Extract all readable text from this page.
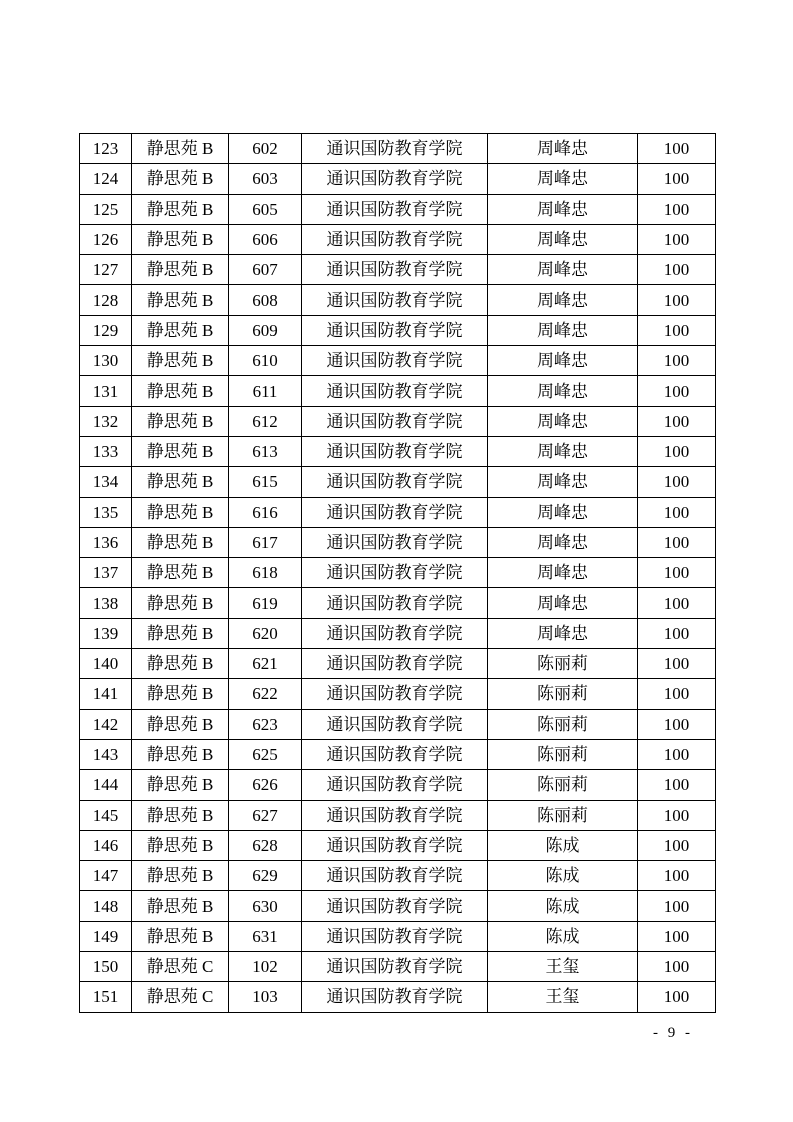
123	静思苑 B	602	通识国防教育学院	周峰忠	100
124	静思苑 B	603	通识国防教育学院	周峰忠	100
125	静思苑 B	605	通识国防教育学院	周峰忠	100
126	静思苑 B	606	通识国防教育学院	周峰忠	100
127	静思苑 B	607	通识国防教育学院	周峰忠	100
128	静思苑 B	608	通识国防教育学院	周峰忠	100
129	静思苑 B	609	通识国防教育学院	周峰忠	100
130	静思苑 B	610	通识国防教育学院	周峰忠	100
131	静思苑 B	611	通识国防教育学院	周峰忠	100
132	静思苑 B	612	通识国防教育学院	周峰忠	100
133	静思苑 B	613	通识国防教育学院	周峰忠	100
134	静思苑 B	615	通识国防教育学院	周峰忠	100
135	静思苑 B	616	通识国防教育学院	周峰忠	100
136	静思苑 B	617	通识国防教育学院	周峰忠	100
137	静思苑 B	618	通识国防教育学院	周峰忠	100
138	静思苑 B	619	通识国防教育学院	周峰忠	100
139	静思苑 B	620	通识国防教育学院	周峰忠	100
140	静思苑 B	621	通识国防教育学院	陈丽莉	100
141	静思苑 B	622	通识国防教育学院	陈丽莉	100
142	静思苑 B	623	通识国防教育学院	陈丽莉	100
143	静思苑 B	625	通识国防教育学院	陈丽莉	100
144	静思苑 B	626	通识国防教育学院	陈丽莉	100
145	静思苑 B	627	通识国防教育学院	陈丽莉	100
146	静思苑 B	628	通识国防教育学院	陈成	100
147	静思苑 B	629	通识国防教育学院	陈成	100
148	静思苑 B	630	通识国防教育学院	陈成	100
149	静思苑 B	631	通识国防教育学院	陈成	100
150	静思苑 C	102	通识国防教育学院	王玺	100
151	静思苑 C	103	通识国防教育学院	王玺	100
- 9 -
